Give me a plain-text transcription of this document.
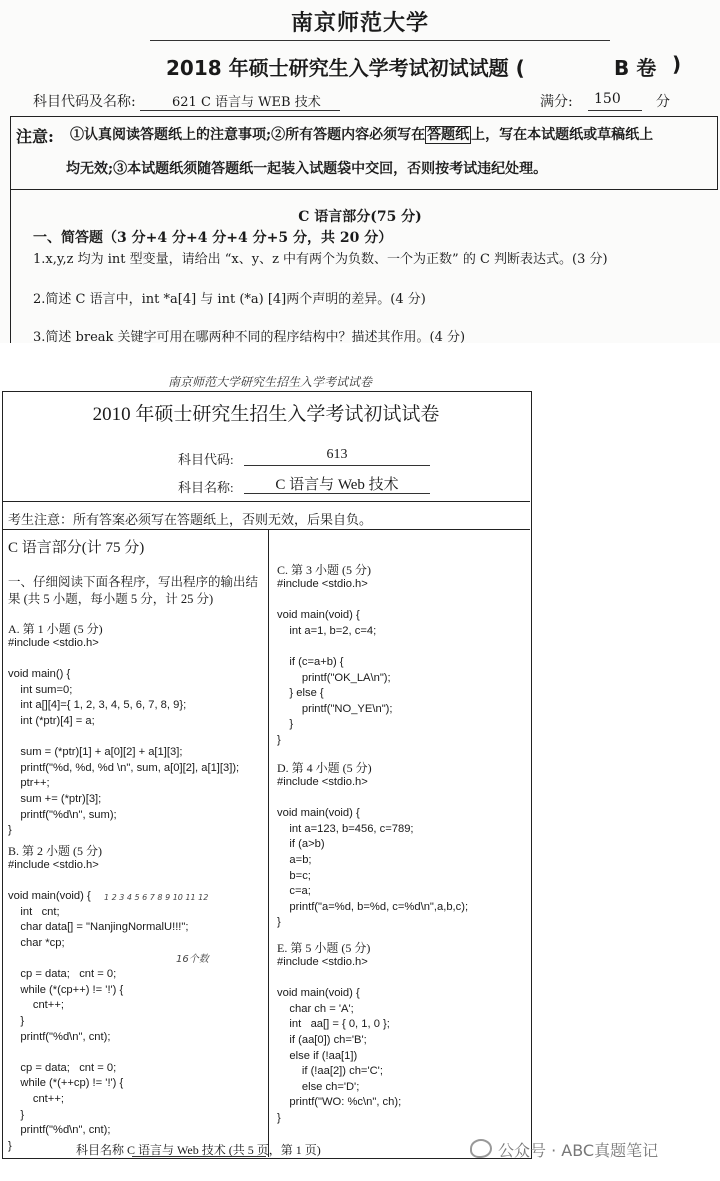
南京师范大学
2018 年硕士研究生入学考试初试试题 (	B 卷 )
科目代码及名称:	621 C 语言与 WEB 技术	满分: 150	分
注意: ①认真阅读答题纸上的注意事项;②所有答题内容必须写在 答题纸 上，写在本试题纸或草稿纸上
均无效;③本试题纸须随答题纸一起装入试题袋中交回，否则按考试违纪处理。
C 语言部分(75 分)
一、简答题（3 分+4 分+4 分+4 分+5 分，共 20 分）
1.x,y,z 均为 int 型变量，请给出 “x、y、z 中有两个为负数、一个为正数” 的 C 判断表达式。(3 分)
2.简述 C 语言中，int *a[4] 与 int (*a) [4]两个声明的差异。(4 分)
3.简述 break 关键字可用在哪两种不同的程序结构中？描述其作用。(4 分)
南京师范大学研究生招生入学考试试卷
2010 年硕士研究生招生入学考试初试试卷
科目代码:	613
科目名称:	C 语言与 Web 技术
考生注意：所有答案必须写在答题纸上，否则无效，后果自负。
C 语言部分(计 75 分)
一、仔细阅读下面各程序，写出程序的输出结果 (共 5 小题，每小题 5 分，计 25 分)
A. 第 1 小题 (5 分)
#include <stdio.h>

void main() {
int sum=0;
int a[][4]={ 1, 2, 3, 4, 5, 6, 7, 8, 9};
int (*ptr)[4] = a;

sum = (*ptr)[1] + a[0][2] + a[1][3];
printf("%d, %d, %d \n", sum, a[0][2], a[1][3]);
ptr++;
sum += (*ptr)[3];
printf("%d\n", sum);
}
B. 第 2 小题 (5 分)
#include <stdio.h>

void main(void) {
int   cnt;
char data[] = "NanjingNormalU!!!";
char *cp;

cp = data;   cnt = 0;
while (*(cp++) != '!') {
cnt++;
}
printf("%d\n", cnt);

cp = data;   cnt = 0;
while (*(++cp) != '!') {
cnt++;
}
printf("%d\n", cnt);
}
1 2 3 4 5 6 7 8 9 10 11 12
16个数
C. 第 3 小题 (5 分)
#include <stdio.h>

void main(void) {
int a=1, b=2, c=4;

if (c=a+b) {
printf("OK_LA\n");
} else {
printf("NO_YE\n");
}
}
D. 第 4 小题 (5 分)
#include <stdio.h>

void main(void) {
int a=123, b=456, c=789;
if (a>b)
a=b;
b=c;
c=a;
printf("a=%d, b=%d, c=%d\n",a,b,c);
}
E. 第 5 小题 (5 分)
#include <stdio.h>

void main(void) {
char ch = 'A';
int   aa[] = { 0, 1, 0 };
if (aa[0]) ch='B';
else if (!aa[1])
if (!aa[2]) ch='C';
else ch='D';
printf("WO: %c\n", ch);
}
科目名称 C 语言与 Web 技术 (共 5 页，第 1 页)	公众号 · ABC真题笔记
